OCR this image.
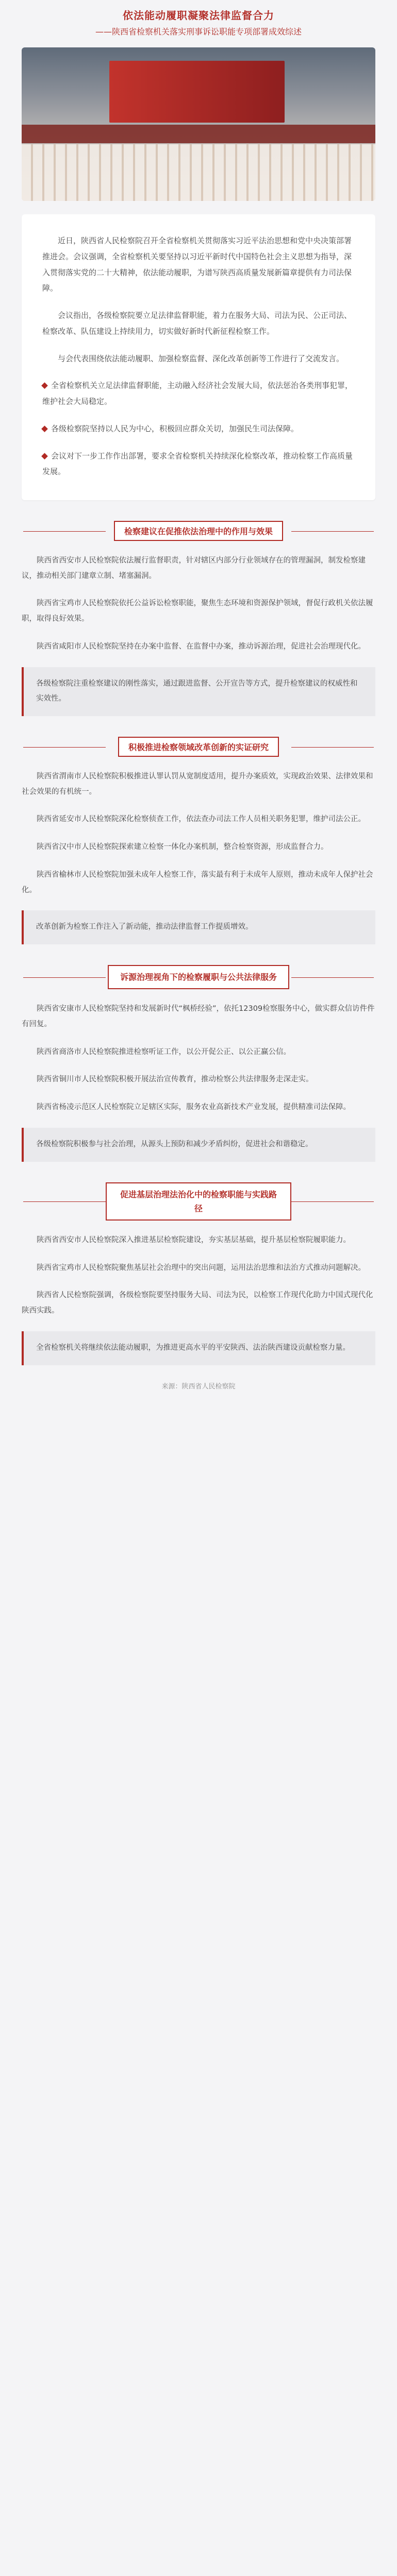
依法能动履职凝聚法律监督合力
——陕西省检察机关落实刑事诉讼职能专项部署成效综述

近日，陕西省人民检察院召开全省检察机关贯彻落实习近平法治思想和党中央决策部署推进会。会议强调，全省检察机关要坚持以习近平新时代中国特色社会主义思想为指导，深入贯彻落实党的二十大精神，依法能动履职，为谱写陕西高质量发展新篇章提供有力司法保障。

会议指出，各级检察院要立足法律监督职能，着力在服务大局、司法为民、公正司法、检察改革、队伍建设上持续用力，切实做好新时代新征程检察工作。

与会代表围绕依法能动履职、加强检察监督、深化改革创新等工作进行了交流发言。

全省检察机关立足法律监督职能，主动融入经济社会发展大局，依法惩治各类刑事犯罪，维护社会大局稳定。

各级检察院坚持以人民为中心，积极回应群众关切，加强民生司法保障。

会议对下一步工作作出部署，要求全省检察机关持续深化检察改革，推动检察工作高质量发展。

检察建议在促推依法治理中的作用与效果

陕西省西安市人民检察院依法履行监督职责，针对辖区内部分行业领域存在的管理漏洞，制发检察建议，推动相关部门建章立制、堵塞漏洞。

陕西省宝鸡市人民检察院依托公益诉讼检察职能，聚焦生态环境和资源保护领域，督促行政机关依法履职，取得良好效果。

陕西省咸阳市人民检察院坚持在办案中监督、在监督中办案，推动诉源治理，促进社会治理现代化。

各级检察院注重检察建议的刚性落实，通过跟进监督、公开宣告等方式，提升检察建议的权威性和实效性。

积极推进检察领域改革创新的实证研究

陕西省渭南市人民检察院积极推进认罪认罚从宽制度适用，提升办案质效，实现政治效果、法律效果和社会效果的有机统一。

陕西省延安市人民检察院深化检察侦查工作，依法查办司法工作人员相关职务犯罪，维护司法公正。

陕西省汉中市人民检察院探索建立检察一体化办案机制，整合检察资源，形成监督合力。

陕西省榆林市人民检察院加强未成年人检察工作，落实最有利于未成年人原则，推动未成年人保护社会化。

改革创新为检察工作注入了新动能，推动法律监督工作提质增效。

诉源治理视角下的检察履职与公共法律服务

陕西省安康市人民检察院坚持和发展新时代“枫桥经验”，依托12309检察服务中心，做实群众信访件件有回复。

陕西省商洛市人民检察院推进检察听证工作，以公开促公正、以公正赢公信。

陕西省铜川市人民检察院积极开展法治宣传教育，推动检察公共法律服务走深走实。

陕西省杨凌示范区人民检察院立足辖区实际，服务农业高新技术产业发展，提供精准司法保障。

各级检察院积极参与社会治理，从源头上预防和减少矛盾纠纷，促进社会和谐稳定。

促进基层治理法治化中的检察职能与实践路径

陕西省西安市人民检察院深入推进基层检察院建设，夯实基层基础，提升基层检察院履职能力。

陕西省宝鸡市人民检察院聚焦基层社会治理中的突出问题，运用法治思维和法治方式推动问题解决。

陕西省人民检察院强调，各级检察院要坚持服务大局、司法为民，以检察工作现代化助力中国式现代化陕西实践。

全省检察机关将继续依法能动履职，为推进更高水平的平安陕西、法治陕西建设贡献检察力量。

来源：陕西省人民检察院
